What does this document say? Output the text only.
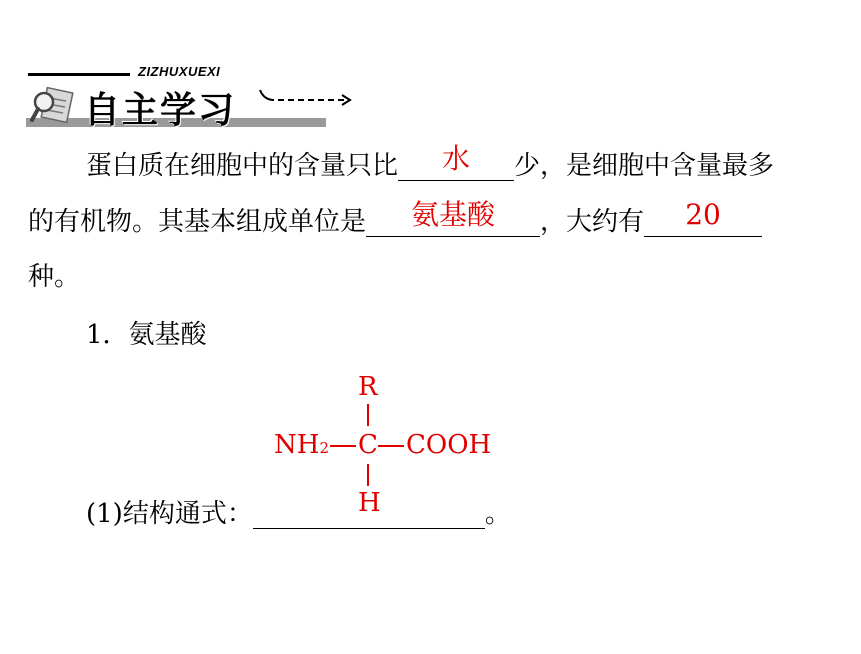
ZIZHUXUEXI
自主学习
蛋白质在细胞中的含量只比	水	少，是细胞中含量最多
的有机物。其基本组成单位是	氨基酸	，大约有	20
种。
1．氨基酸
R
NH2 C COOH
H
(1)结构通式：	。
